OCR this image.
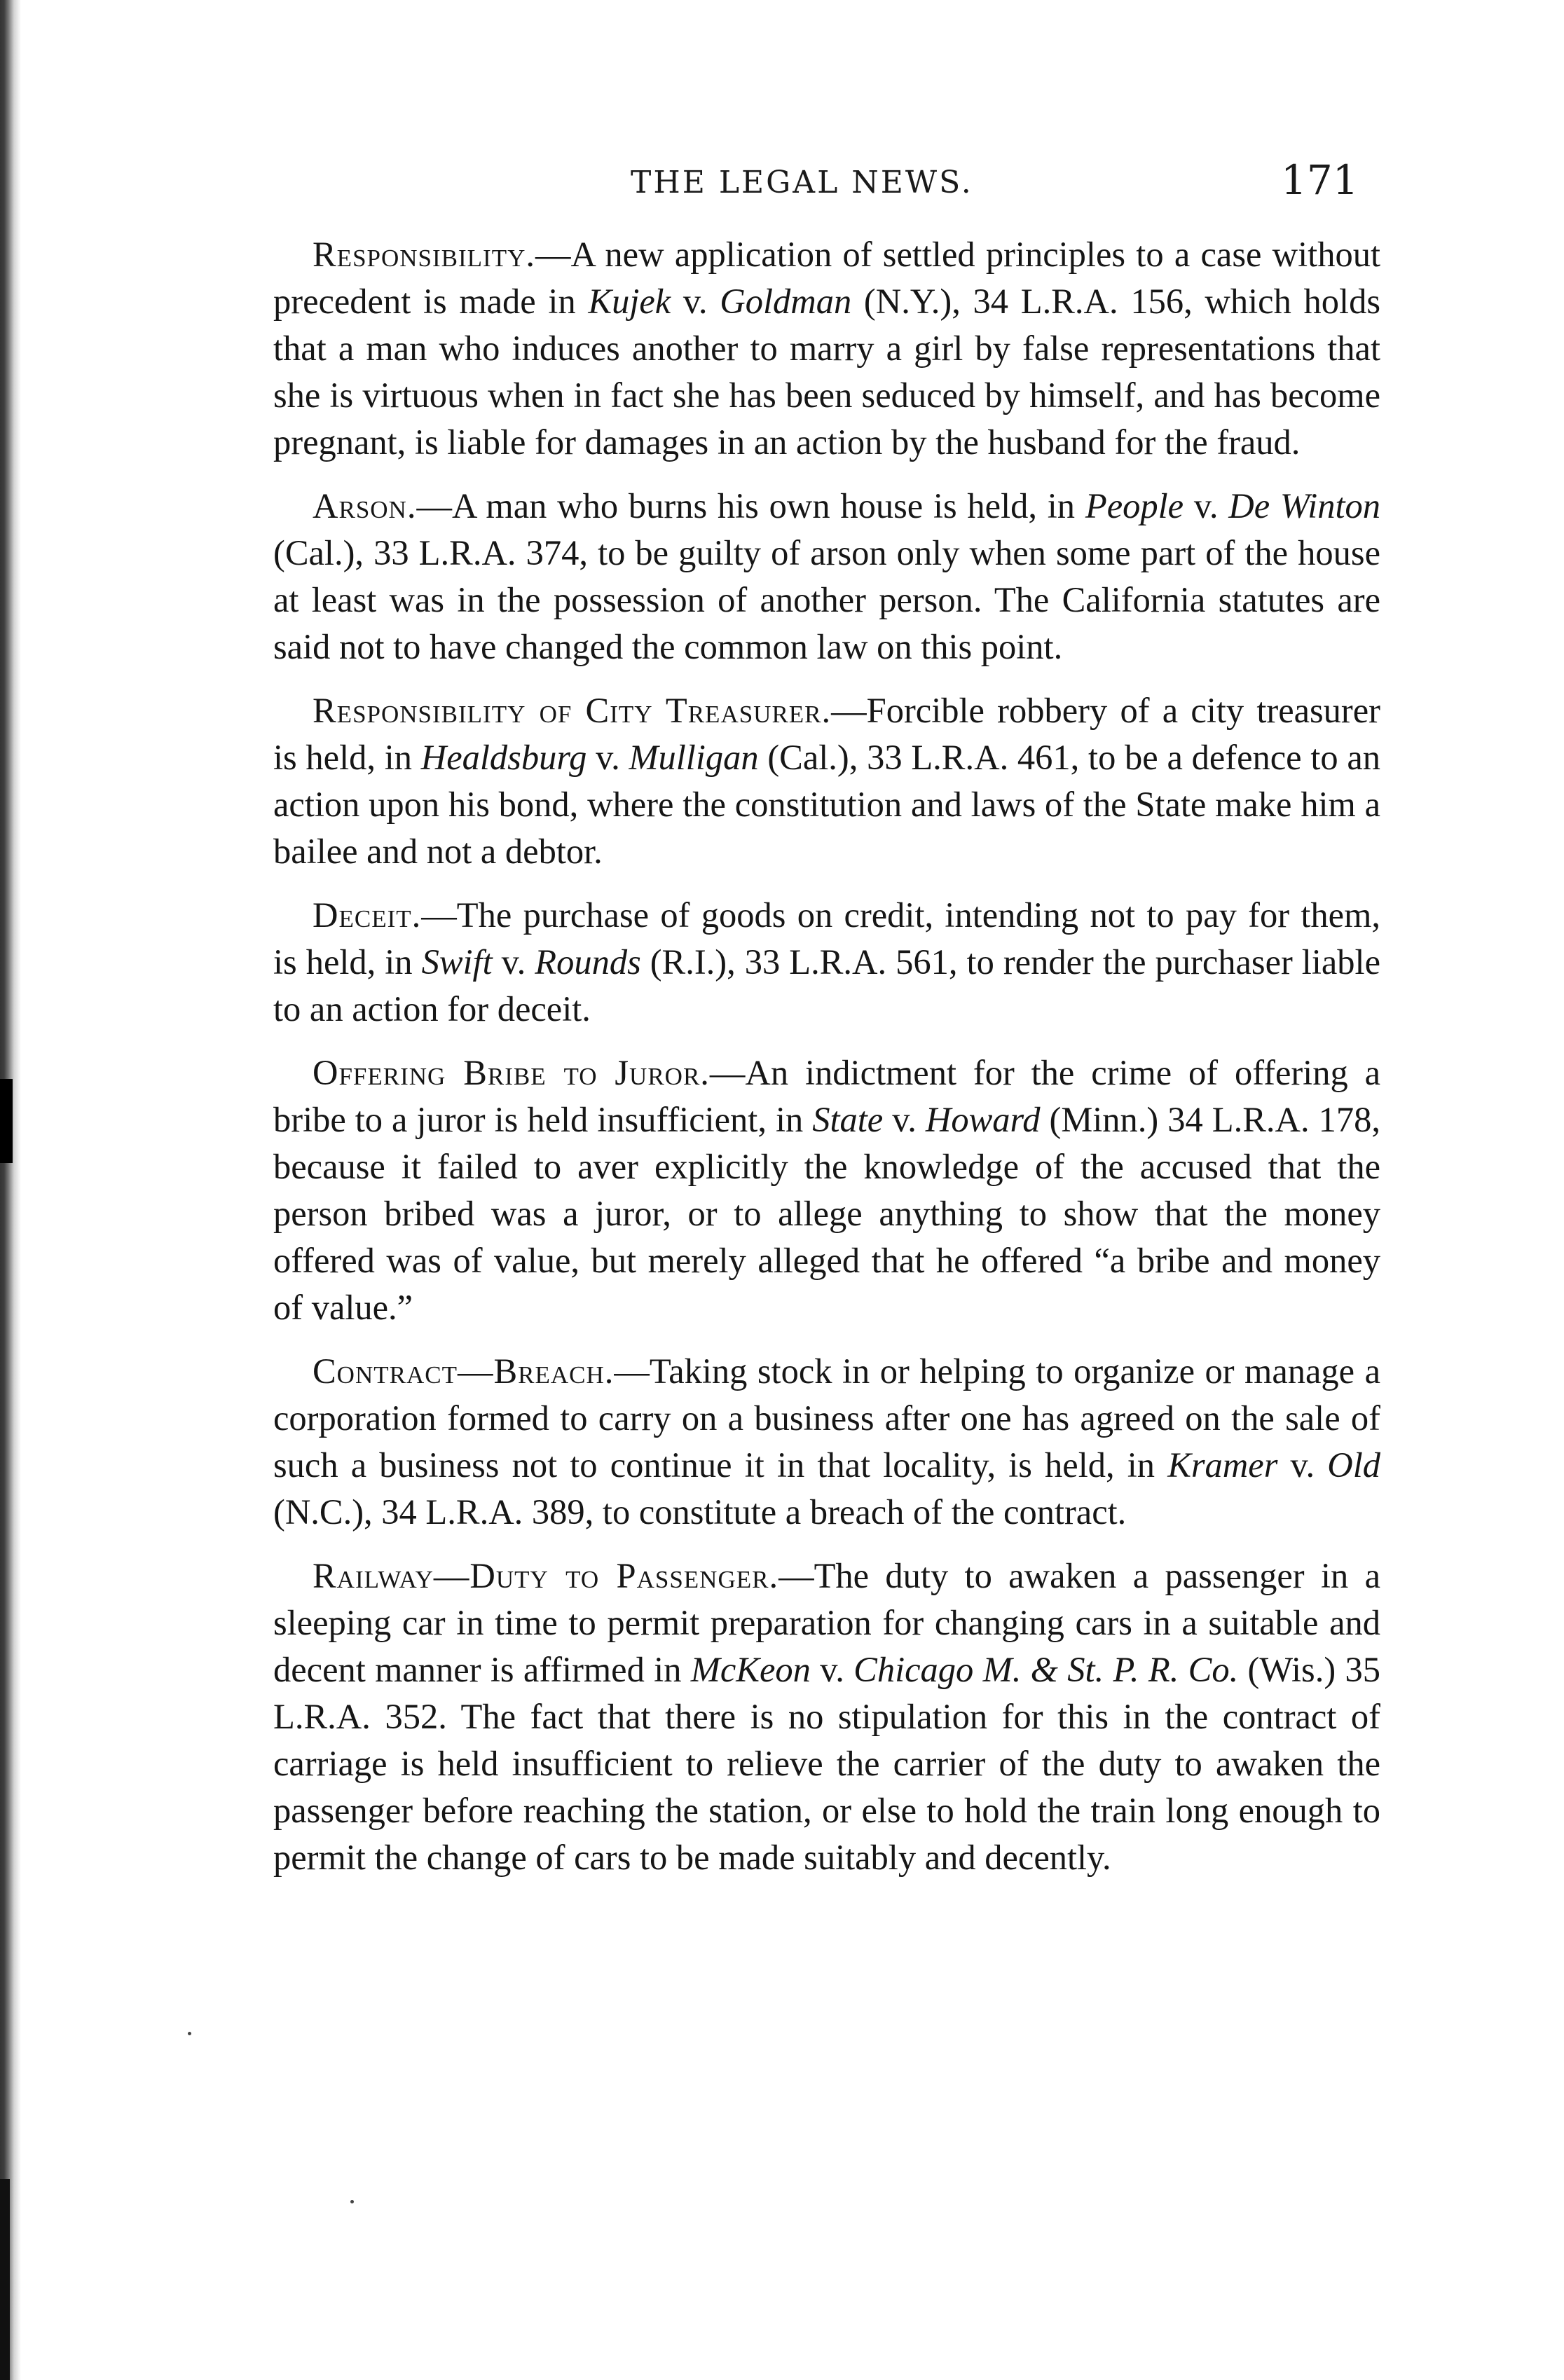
THE LEGAL NEWS.	171

Responsibility.—A new application of settled principles to a case without precedent is made in Kujek v. Goldman (N.Y.), 34 L.R.A. 156, which holds that a man who induces another to marry a girl by false representations that she is virtuous when in fact she has been seduced by himself, and has become pregnant, is liable for damages in an action by the husband for the fraud.

Arson.—A man who burns his own house is held, in People v. De Winton (Cal.), 33 L.R.A. 374, to be guilty of arson only when some part of the house at least was in the possession of another person. The California statutes are said not to have changed the common law on this point.

Responsibility of City Treasurer.—Forcible robbery of a city treasurer is held, in Healdsburg v. Mulligan (Cal.), 33 L.R.A. 461, to be a defence to an action upon his bond, where the constitution and laws of the State make him a bailee and not a debtor.

Deceit.—The purchase of goods on credit, intending not to pay for them, is held, in Swift v. Rounds (R.I.), 33 L.R.A. 561, to render the purchaser liable to an action for deceit.

Offering Bribe to Juror.—An indictment for the crime of offering a bribe to a juror is held insufficient, in State v. Howard (Minn.) 34 L.R.A. 178, because it failed to aver explicitly the knowledge of the accused that the person bribed was a juror, or to allege anything to show that the money offered was of value, but merely alleged that he offered “a bribe and money of value.”

Contract—Breach.—Taking stock in or helping to organize or manage a corporation formed to carry on a business after one has agreed on the sale of such a business not to continue it in that locality, is held, in Kramer v. Old (N.C.), 34 L.R.A. 389, to constitute a breach of the contract.

Railway—Duty to Passenger.—The duty to awaken a passenger in a sleeping car in time to permit preparation for changing cars in a suitable and decent manner is affirmed in McKeon v. Chicago M. & St. P. R. Co. (Wis.) 35 L.R.A. 352. The fact that there is no stipulation for this in the contract of carriage is held insufficient to relieve the carrier of the duty to awaken the passenger before reaching the station, or else to hold the train long enough to permit the change of cars to be made suitably and decently.
